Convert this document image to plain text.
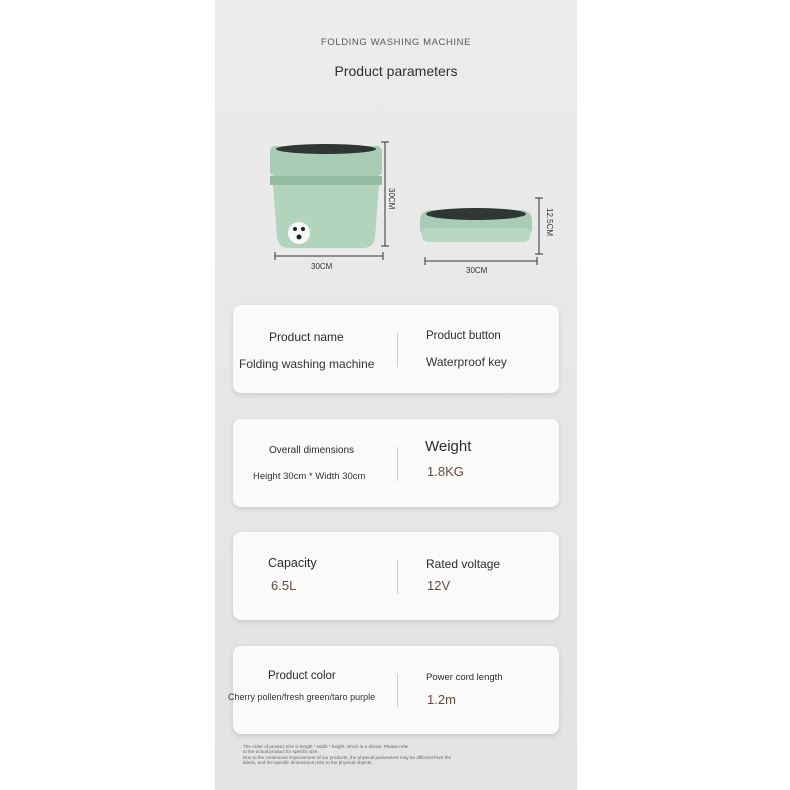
FOLDING WASHING MACHINE
Product parameters
30CM
30CM
12.5CM
30CM
Product name
Folding washing machine
Product button
Waterproof key
Overall dimensions
Height 30cm * Width 30cm
Weight
1.8KG
Capacity
6.5L
Rated voltage
12V
Product color
Cherry pollen/fresh green/taro purple
Power cord length
1.2m

The order of product size is length * width * height, which is a divisor. Please refer

to the actual product for specific size.

Due to the continuous improvement of our products, the physical parameters may be different from the

labels, and the specific dimensions refer to the physical objects.
